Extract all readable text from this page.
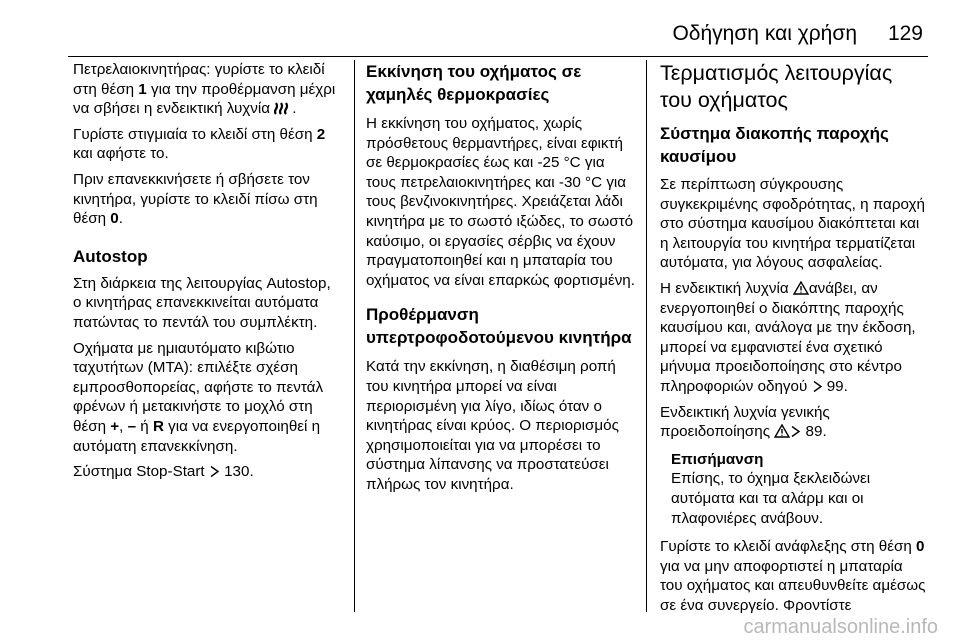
Οδήγηση και χρήση 129

Πετρελαιοκινητήρας: γυρίστε το κλειδί στη θέση 1 για την προθέρμανση μέχρι να σβήσει η ενδεικτική λυχνία .

Γυρίστε στιγμιαία το κλειδί στη θέση 2 και αφήστε το.

Πριν επανεκκινήσετε ή σβήσετε τον κινητήρα, γυρίστε το κλειδί πίσω στη θέση 0.

Autostop

Στη διάρκεια της λειτουργίας Autostop, ο κινητήρας επανεκκινείται αυτόματα πατώντας το πεντάλ του συμπλέκτη.

Οχήματα με ημιαυτόματο κιβώτιο ταχυτήτων (MTA): επιλέξτε σχέση εμπροσθοπορείας, αφήστε το πεντάλ φρένων ή μετακινήστε το μοχλό στη θέση +, – ή R για να ενεργοποιηθεί η αυτόματη επανεκκίνηση.

Σύστημα Stop-Start  130.

Εκκίνηση του οχήματος σε χαμηλές θερμοκρασίες

Η εκκίνηση του οχήματος, χωρίς πρόσθετους θερμαντήρες, είναι εφικτή σε θερμοκρασίες έως και -25 °C για τους πετρελαιοκινητήρες και -30 °C για τους βενζινοκινητήρες. Χρειάζεται λάδι κινητήρα με το σωστό ιξώδες, το σωστό καύσιμο, οι εργασίες σέρβις να έχουν πραγματοποιηθεί και η μπαταρία του οχήματος να είναι επαρκώς φορτισμένη.

Προθέρμανση υπερτροφοδοτούμενου κινητήρα

Κατά την εκκίνηση, η διαθέσιμη ροπή του κινητήρα μπορεί να είναι περιορισμένη για λίγο, ιδίως όταν ο κινητήρας είναι κρύος. Ο περιορισμός χρησιμοποιείται για να μπορέσει το σύστημα λίπανσης να προστατεύσει πλήρως τον κινητήρα.

Τερματισμός λειτουργίας του οχήματος
Σύστημα διακοπής παροχής καυσίμου

Σε περίπτωση σύγκρουσης συγκεκριμένης σφοδρότητας, η παροχή στο σύστημα καυσίμου διακόπτεται και η λειτουργία του κινητήρα τερματίζεται αυτόματα, για λόγους ασφαλείας.

Η ενδεικτική λυχνία ανάβει, αν ενεργοποιηθεί ο διακόπτης παροχής καυσίμου και, ανάλογα με την έκδοση, μπορεί να εμφανιστεί ένα σχετικό μήνυμα προειδοποίησης στο κέντρο πληροφοριών οδηγού  99.

Ενδεικτική λυχνία γενικής προειδοποίησης  89.

Επισήμανση

Επίσης, το όχημα ξεκλειδώνει αυτόματα και τα αλάρμ και οι πλαφονιέρες ανάβουν.

Γυρίστε το κλειδί ανάφλεξης στη θέση 0 για να μην αποφορτιστεί η μπαταρία του οχήματος και απευθυνθείτε αμέσως σε ένα συνεργείο. Φροντίστε

carmanualsonline.info
